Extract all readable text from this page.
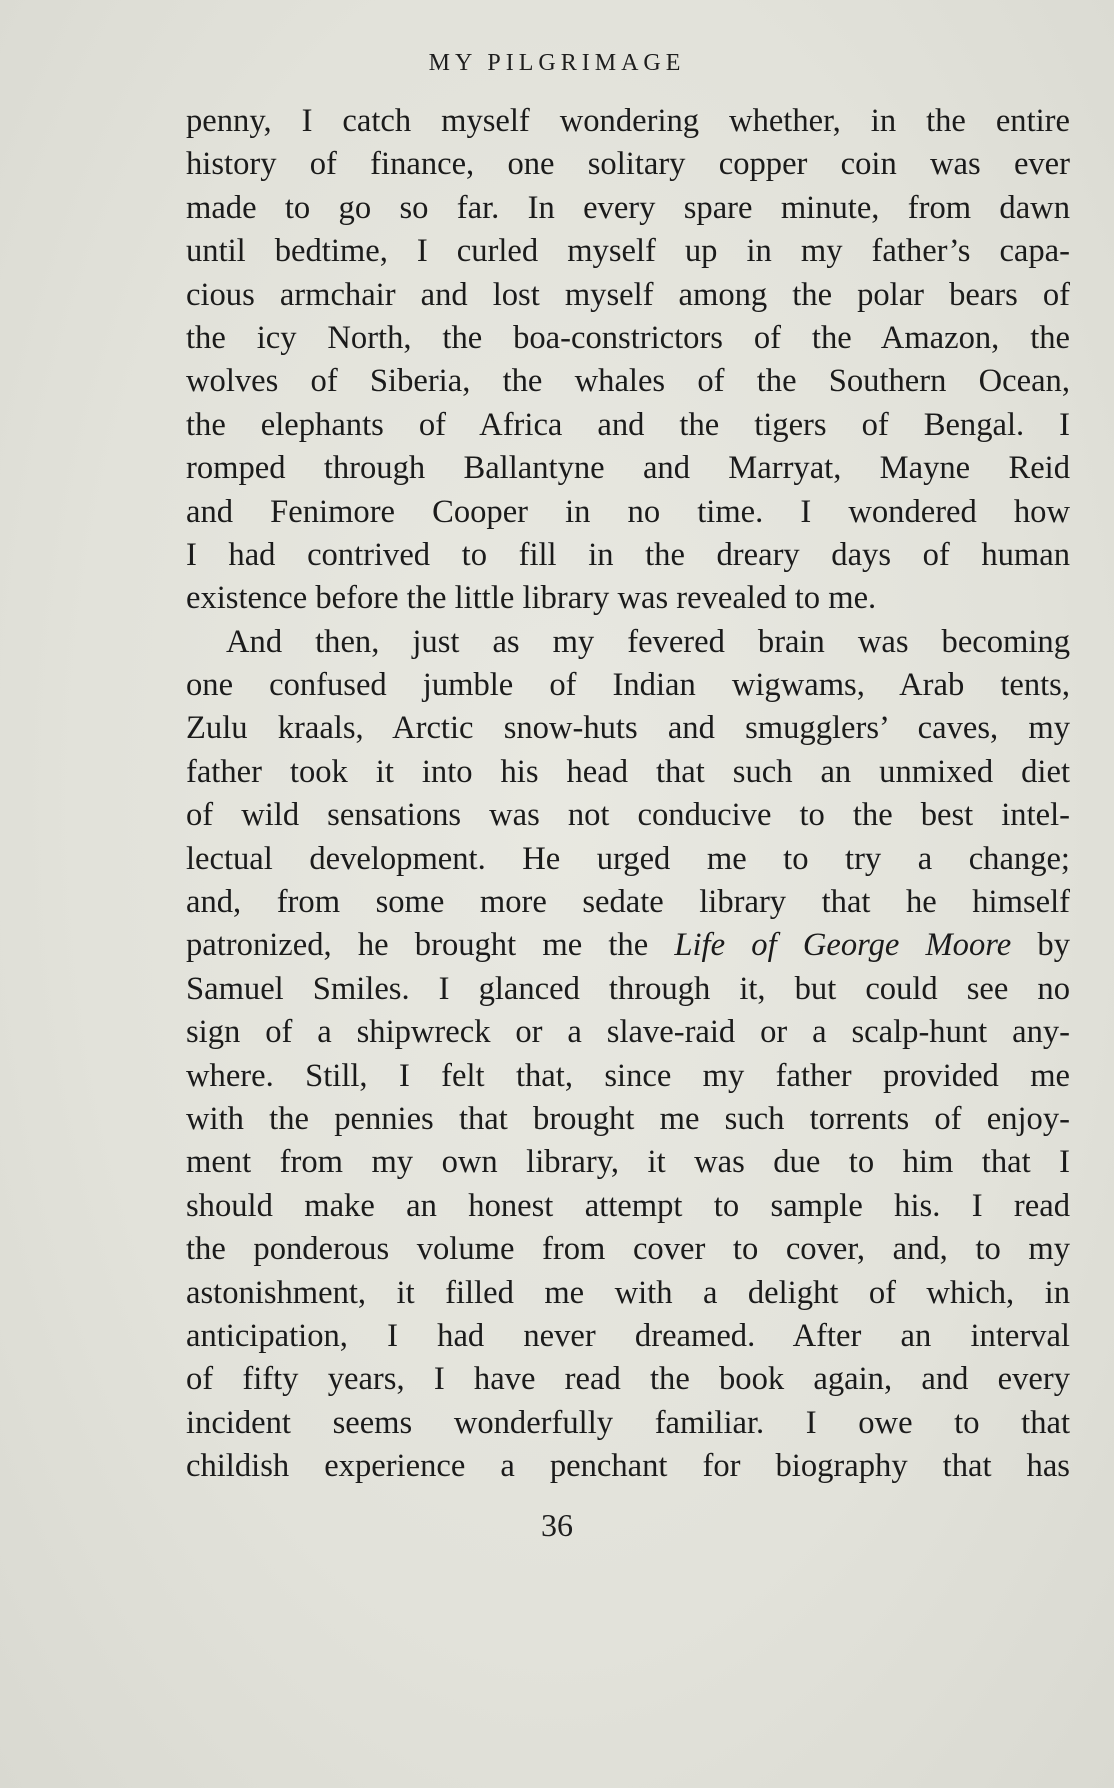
MY PILGRIMAGE
penny, I catch myself wondering whether, in the entire
history of finance, one solitary copper coin was ever
made to go so far. In every spare minute, from dawn
until bedtime, I curled myself up in my father’s capa-
cious armchair and lost myself among the polar bears of
the icy North, the boa-constrictors of the Amazon, the
wolves of Siberia, the whales of the Southern Ocean,
the elephants of Africa and the tigers of Bengal. I
romped through Ballantyne and Marryat, Mayne Reid
and Fenimore Cooper in no time. I wondered how
I had contrived to fill in the dreary days of human
existence before the little library was revealed to me.
And then, just as my fevered brain was becoming
one confused jumble of Indian wigwams, Arab tents,
Zulu kraals, Arctic snow-huts and smugglers’ caves, my
father took it into his head that such an unmixed diet
of wild sensations was not conducive to the best intel-
lectual development. He urged me to try a change;
and, from some more sedate library that he himself
patronized, he brought me the Life of George Moore by
Samuel Smiles. I glanced through it, but could see no
sign of a shipwreck or a slave-raid or a scalp-hunt any-
where. Still, I felt that, since my father provided me
with the pennies that brought me such torrents of enjoy-
ment from my own library, it was due to him that I
should make an honest attempt to sample his. I read
the ponderous volume from cover to cover, and, to my
astonishment, it filled me with a delight of which, in
anticipation, I had never dreamed. After an interval
of fifty years, I have read the book again, and every
incident seems wonderfully familiar. I owe to that
childish experience a penchant for biography that has
36
